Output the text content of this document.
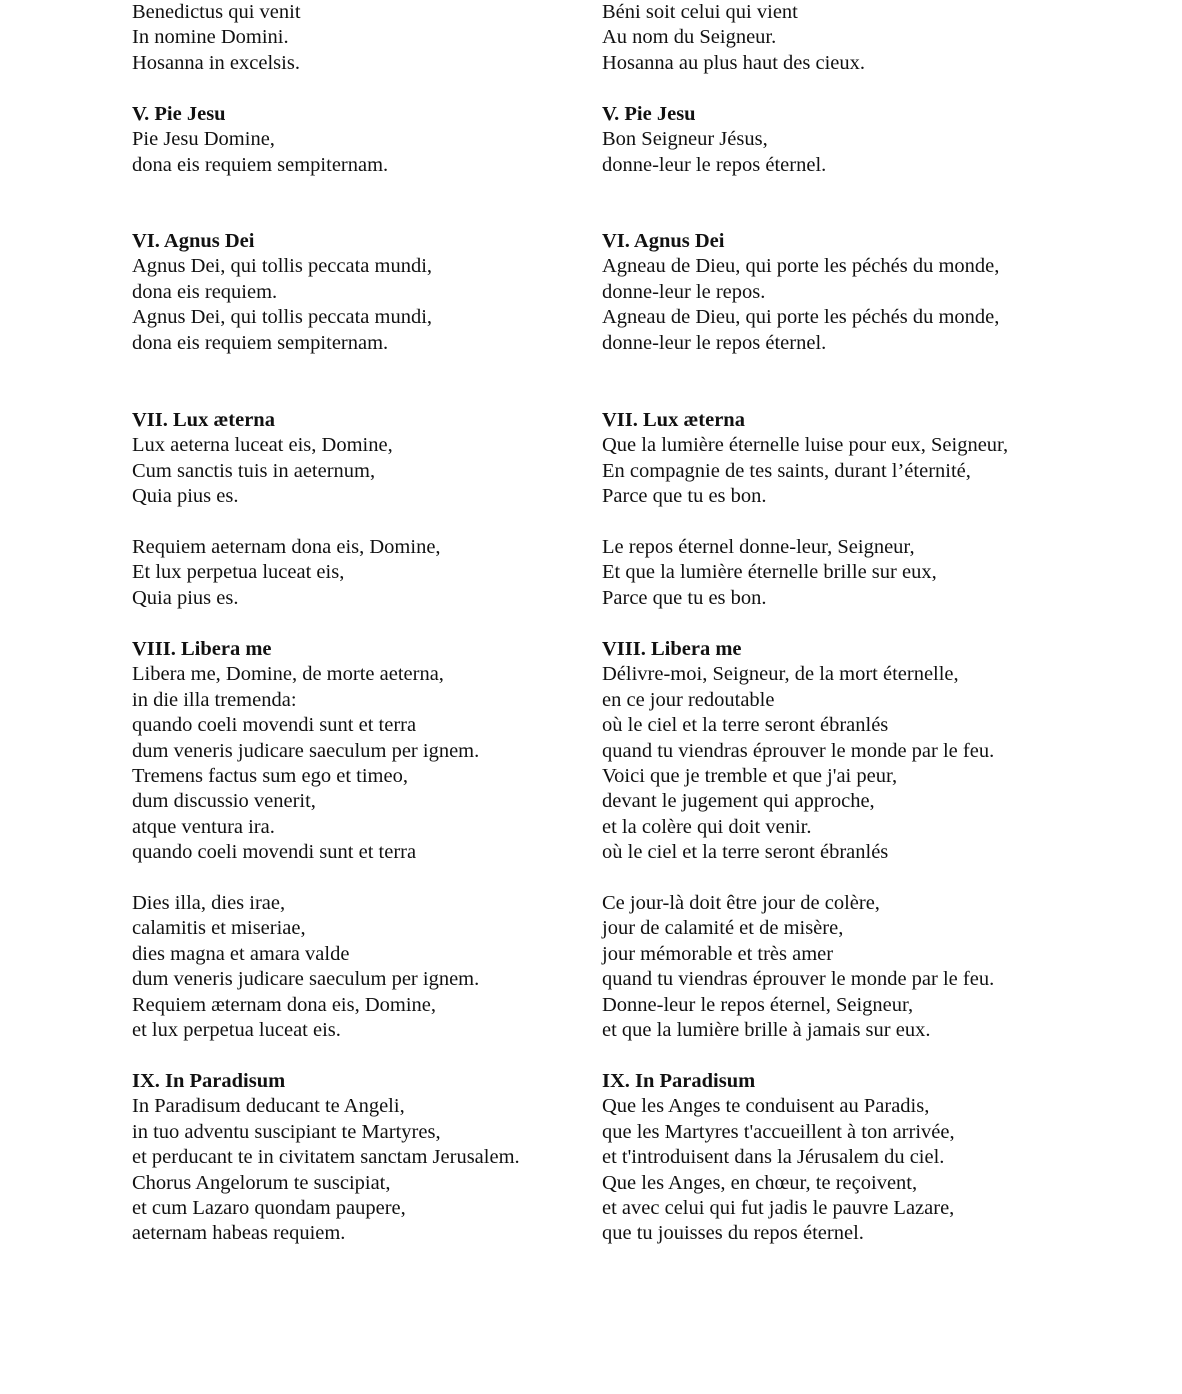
Benedictus qui venit
In nomine Domini.
Hosanna in excelsis.
V. Pie Jesu
Pie Jesu Domine,
dona eis requiem sempiternam.
VI. Agnus Dei
Agnus Dei, qui tollis peccata mundi,
dona eis requiem.
Agnus Dei, qui tollis peccata mundi,
dona eis requiem sempiternam.
VII. Lux æterna
Lux aeterna luceat eis, Domine,
Cum sanctis tuis in aeternum,
Quia pius es.
Requiem aeternam dona eis, Domine,
Et lux perpetua luceat eis,
Quia pius es.
VIII. Libera me
Libera me, Domine, de morte aeterna,
in die illa tremenda:
quando coeli movendi sunt et terra
dum veneris judicare saeculum per ignem.
Tremens factus sum ego et timeo,
dum discussio venerit,
atque ventura ira.
quando coeli movendi sunt et terra
Dies illa, dies irae,
calamitis et miseriae,
dies magna et amara valde
dum veneris judicare saeculum per ignem.
Requiem æternam dona eis, Domine,
et lux perpetua luceat eis.
IX. In Paradisum
In Paradisum deducant te Angeli,
in tuo adventu suscipiant te Martyres,
et perducant te in civitatem sanctam Jerusalem.
Chorus Angelorum te suscipiat,
et cum Lazaro quondam paupere,
aeternam habeas requiem.
Béni soit celui qui vient
Au nom du Seigneur.
Hosanna au plus haut des cieux.
V. Pie Jesu
Bon Seigneur Jésus,
donne-leur le repos éternel.
VI. Agnus Dei
Agneau de Dieu, qui porte les péchés du monde,
donne-leur le repos.
Agneau de Dieu, qui porte les péchés du monde,
donne-leur le repos éternel.
VII. Lux æterna
Que la lumière éternelle luise pour eux, Seigneur,
En compagnie de tes saints, durant l’éternité,
Parce que tu es bon.
Le repos éternel donne-leur, Seigneur,
Et que la lumière éternelle brille sur eux,
Parce que tu es bon.
VIII. Libera me
Délivre-moi, Seigneur, de la mort éternelle,
en ce jour redoutable
où le ciel et la terre seront ébranlés
quand tu viendras éprouver le monde par le feu.
Voici que je tremble et que j'ai peur,
devant le jugement qui approche,
et la colère qui doit venir.
où le ciel et la terre seront ébranlés
Ce jour-là doit être jour de colère,
jour de calamité et de misère,
jour mémorable et très amer
quand tu viendras éprouver le monde par le feu.
Donne-leur le repos éternel, Seigneur,
et que la lumière brille à jamais sur eux.
IX. In Paradisum
Que les Anges te conduisent au Paradis,
que les Martyres t'accueillent à ton arrivée,
et t'introduisent dans la Jérusalem du ciel.
Que les Anges, en chœur, te reçoivent,
et avec celui qui fut jadis le pauvre Lazare,
que tu jouisses du repos éternel.
